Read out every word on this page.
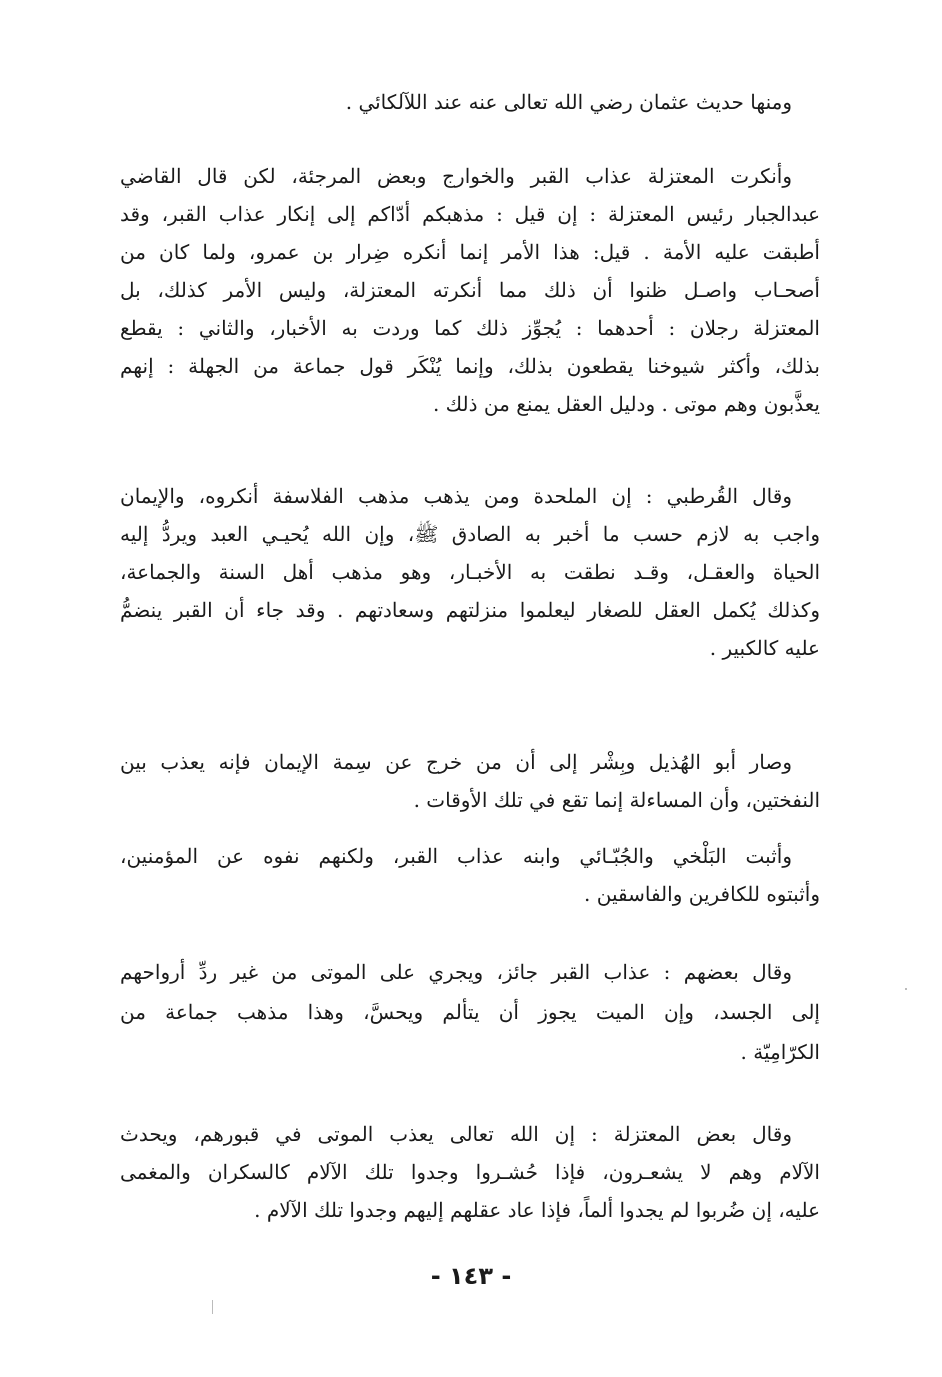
ومنها حديث عثمان رضي الله تعالى عنه عند اللآلكائي .
وأنكرت المعتزلة عذاب القبر والخوارج وبعض المرجئة، لكن قال القاضي
عبدالجبار رئيس المعتزلة : إن قيل : مذهبكم أدّاكم إلى إنكار عذاب القبر، وقد
أطبقت عليه الأمة . قيل: هذا الأمر إنما أنكره ضِرار بن عمرو، ولما كان من
أصحـاب واصـل ظنوا أن ذلك مما أنكرته المعتزلة، وليس الأمر كذلك، بل
المعتزلة رجلان : أحدهما : يُجوِّز ذلك كما وردت به الأخبار، والثاني : يقطع
بذلك، وأكثر شيوخنا يقطعون بذلك، وإنما يُنْكَر قول جماعة من الجهلة : إنهم
يعذَّبون وهم موتى . ودليل العقل يمنع من ذلك .
وقال القُرطبي : إن الملحدة ومن يذهب مذهب الفلاسفة أنكروه، والإيمان
واجب به لازم حسب ما أخبر به الصادق ﷺ، وإن الله يُحيـي العبد ويردُّ إليه
الحياة والعقـل، وقـد نطقت به الأخبـار، وهو مذهب أهل السنة والجماعة،
وكذلك يُكمل العقل للصغار ليعلموا منزلتهم وسعادتهم . وقد جاء أن القبر ينضمُّ
عليه كالكبير .
وصار أبو الهُذيل وبِشْر إلى أن من خرج عن سِمة الإيمان فإنه يعذب بين
النفختين، وأن المساءلة إنما تقع في تلك الأوقات .
وأثبت البَلْخي والجُبّـائي وابنه عذاب القبر، ولكنهم نفوه عن المؤمنين،
وأثبتوه للكافرين والفاسقين .
وقال بعضهم : عذاب القبر جائز، ويجري على الموتى من غير ردِّ أرواحهم
إلى الجسد، وإن الميت يجوز أن يتألم ويحسَّ، وهذا مذهب جماعة من
الكرّامِيّة .
وقال بعض المعتزلة : إن الله تعالى يعذب الموتى في قبورهم، ويحدث
الآلام وهم لا يشعـرون، فإذا حُشـروا وجدوا تلك الآلام كالسكران والمغمى
عليه، إن ضُربوا لم يجدوا ألماً، فإذا عاد عقلهم إليهم وجدوا تلك الآلام .
- ١٤٣ -
